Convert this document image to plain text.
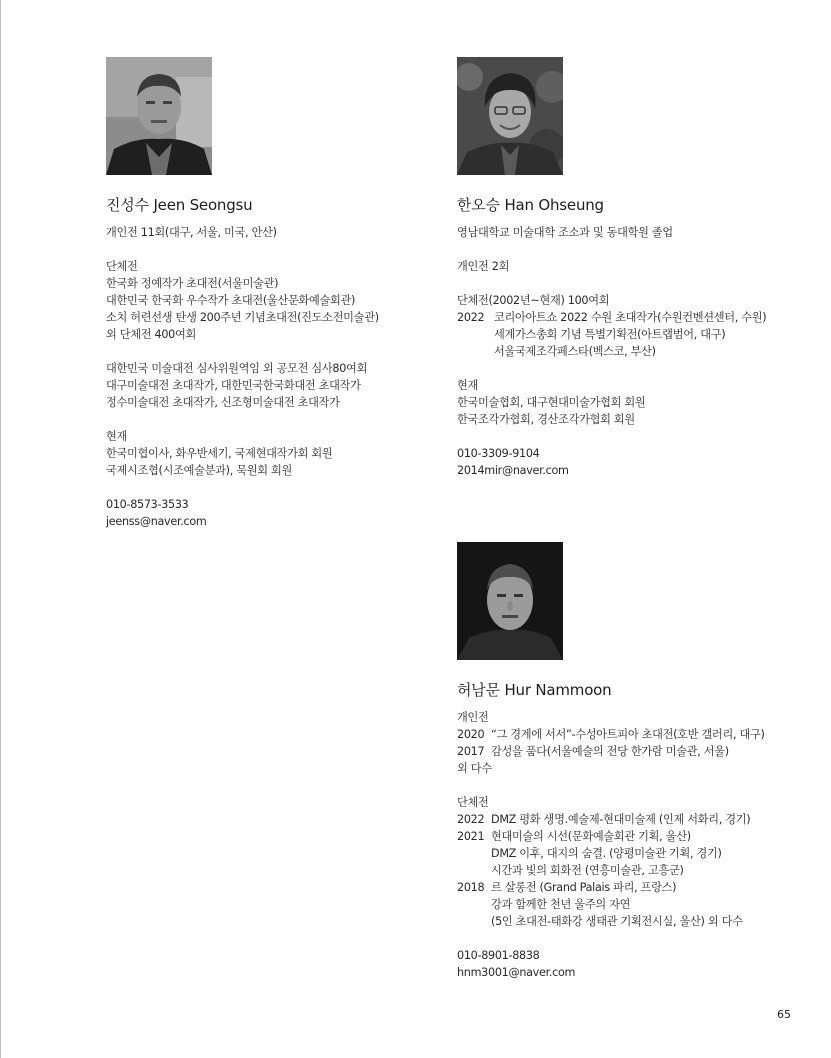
진성수 Jeen Seongsu
개인전 11회(대구, 서울, 미국, 안산)
단체전
한국화 정예작가 초대전(서울미술관)
대한민국 한국화 우수작가 초대전(울산문화예술회관)
소치 허련선생 탄생 200주년 기념초대전(진도소전미술관)
외 단체전 400여회
대한민국 미술대전 심사위원역임 외 공모전 심사80여회
대구미술대전 초대작가, 대한민국한국화대전 초대작가
정수미술대전 초대작가, 신조형미술대전 초대작가
현재
한국미협이사, 화우반세기, 국제현대작가회 회원
국제시조협(시조예술분과), 묵원회 회원
010-8573-3533
jeenss@naver.com
한오승 Han Ohseung
영남대학교 미술대학 조소과 및 동대학원 졸업
개인전 2회
단체전(2002년~현재) 100여회
2022 코리아아트쇼 2022 수원 초대작가(수원컨벤션센터, 수원)
세계가스총회 기념 특별기획전(아트랩범어, 대구)
서울국제조각페스타(벡스코, 부산)
현재
한국미술협회, 대구현대미술가협회 회원
한국조각가협회, 경산조각가협회 회원
010-3309-9104
2014mir@naver.com
허남문 Hur Nammoon
개인전
2020 “그 경계에 서서”-수성아트피아 초대전(호반 갤러리, 대구)
2017 감성을 품다(서울예술의 전당 한가람 미술관, 서울)
외 다수
단체전
2022 DMZ 평화 생명.예술제-현대미술제 (인제 서화리, 경기)
2021 현대미술의 시선(문화예술회관 기획, 울산)
DMZ 이후, 대지의 숨결. (양평미술관 기획, 경기)
시간과 빛의 회화전 (연흥미술관, 고흥군)
2018 르 살롱전 (Grand Palais 파리, 프랑스)
강과 함께한 천년 울주의 자연
(5인 초대전-태화강 생태관 기획전시실, 울산) 외 다수
010-8901-8838
hnm3001@naver.com
65
